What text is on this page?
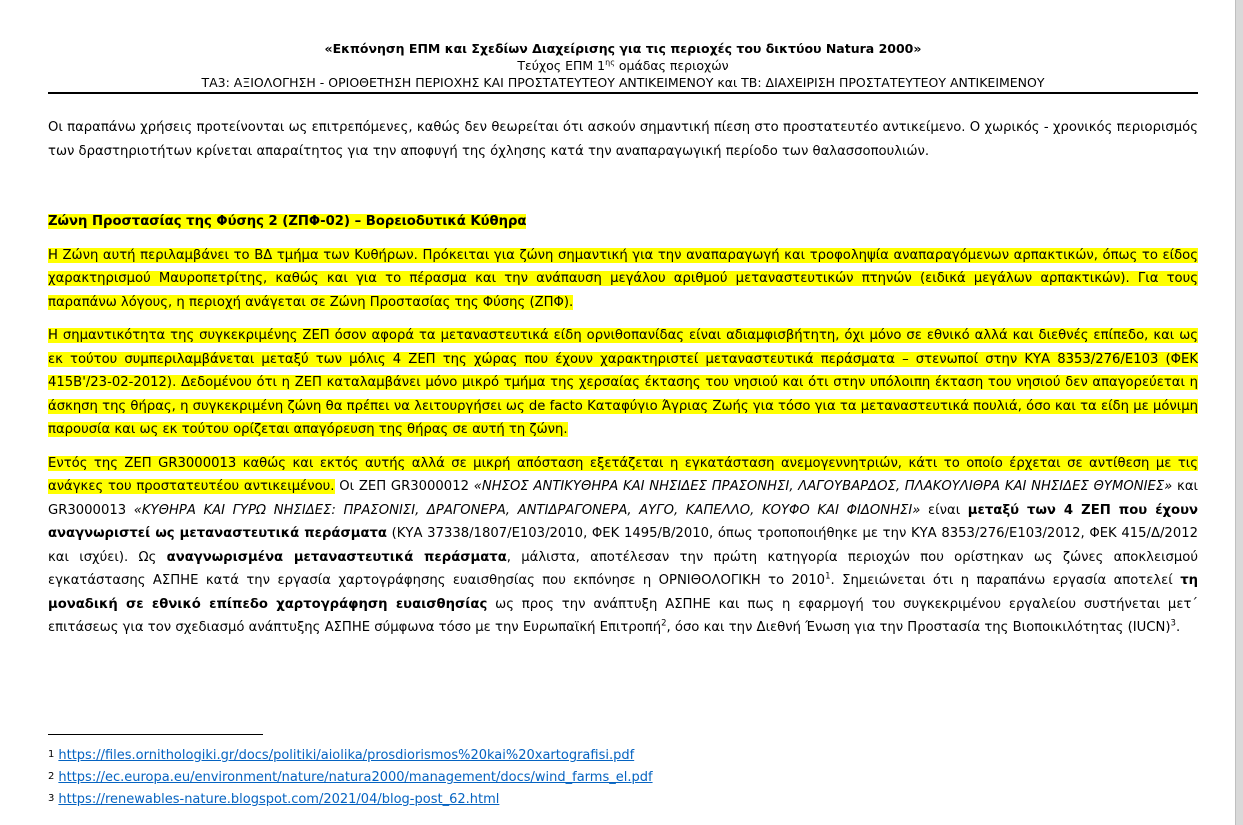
«Εκπόνηση ΕΠΜ και Σχεδίων Διαχείρισης για τις περιοχές του δικτύου Natura 2000»
Τεύχος ΕΠΜ $1^{\eta\varsigma}$ ομάδας περιοχών
ΤΑ3: ΑΞΙΟΛΟΓΗΣΗ - ΟΡΙΟΘΕΤΗΣΗ ΠΕΡΙΟΧΗΣ ΚΑΙ ΠΡΟΣΤΑΤΕΥΤΕΟΥ ΑΝΤΙΚΕΙΜΕΝΟΥ και ΤΒ: ΔΙΑΧΕΙΡΙΣΗ ΠΡΟΣΤΑΤΕΥΤΕΟΥ ΑΝΤΙΚΕΙΜΕΝΟΥ

Οι παραπάνω χρήσεις προτείνονται ως επιτρεπόμενες, καθώς δεν θεωρείται ότι ασκούν σημαντική πίεση στο προστατευτέο αντικείμενο. Ο χωρικός - χρονικός περιορισμός των δραστηριοτήτων κρίνεται απαραίτητος για την αποφυγή της όχλησης κατά την αναπαραγωγική περίοδο των θαλασσοπουλιών.

Ζώνη Προστασίας της Φύσης 2 (ΖΠΦ-02) – Βορειοδυτικά Κύθηρα

Η Ζώνη αυτή περιλαμβάνει το ΒΔ τμήμα των Κυθήρων. Πρόκειται για ζώνη σημαντική για την αναπαραγωγή και τροφοληψία αναπαραγόμενων αρπακτικών, όπως το είδος χαρακτηρισμού Μαυροπετρίτης, καθώς και για το πέρασμα και την ανάπαυση μεγάλου αριθμού μεταναστευτικών πτηνών (ειδικά μεγάλων αρπακτικών). Για τους παραπάνω λόγους, η περιοχή ανάγεται σε Ζώνη Προστασίας της Φύσης (ΖΠΦ).

Η σημαντικότητα της συγκεκριμένης ΖΕΠ όσον αφορά τα μεταναστευτικά είδη ορνιθοπανίδας είναι αδιαμφισβήτητη, όχι μόνο σε εθνικό αλλά και διεθνές επίπεδο, και ως εκ τούτου συμπεριλαμβάνεται μεταξύ των μόλις 4 ΖΕΠ της χώρας που έχουν χαρακτηριστεί μεταναστευτικά περάσματα – στενωποί στην ΚΥΑ 8353/276/Ε103 (ΦΕΚ 415Β'/23-02-2012). Δεδομένου ότι η ΖΕΠ καταλαμβάνει μόνο μικρό τμήμα της χερσαίας έκτασης του νησιού και ότι στην υπόλοιπη έκταση του νησιού δεν απαγορεύεται η άσκηση της θήρας, η συγκεκριμένη ζώνη θα πρέπει να λειτουργήσει ως de facto Καταφύγιο Άγριας Ζωής για τόσο για τα μεταναστευτικά πουλιά, όσο και τα είδη με μόνιμη παρουσία και ως εκ τούτου ορίζεται απαγόρευση της θήρας σε αυτή τη ζώνη.

Εντός της ΖΕΠ GR3000013 καθώς και εκτός αυτής αλλά σε μικρή απόσταση εξετάζεται η εγκατάσταση ανεμογεννητριών, κάτι το οποίο έρχεται σε αντίθεση με τις ανάγκες του προστατευτέου αντικειμένου. Οι ΖΕΠ GR3000012 «ΝΗΣΟΣ ΑΝΤΙΚΥΘΗΡΑ ΚΑΙ ΝΗΣΙΔΕΣ ΠΡΑΣΟΝΗΣΙ, ΛΑΓΟΥΒΑΡΔΟΣ, ΠΛΑΚΟΥΛΙΘΡΑ ΚΑΙ ΝΗΣΙΔΕΣ ΘΥΜΟΝΙΕΣ» και GR3000013 «ΚΥΘΗΡΑ ΚΑΙ ΓΥΡΩ ΝΗΣΙΔΕΣ: ΠΡΑΣΟΝΙΣΙ, ΔΡΑΓΟΝΕΡΑ, ΑΝΤΙΔΡΑΓΟΝΕΡΑ, ΑΥΓΟ, ΚΑΠΕΛΛΟ, ΚΟΥΦΟ ΚΑΙ ΦΙΔΟΝΗΣΙ» είναι μεταξύ των 4 ΖΕΠ που έχουν αναγνωριστεί ως μεταναστευτικά περάσματα (ΚΥΑ 37338/1807/Ε103/2010, ΦΕΚ 1495/Β/2010, όπως τροποποιήθηκε με την ΚΥΑ 8353/276/Ε103/2012, ΦΕΚ 415/Δ/2012 και ισχύει). Ως αναγνωρισμένα μεταναστευτικά περάσματα, μάλιστα, αποτέλεσαν την πρώτη κατηγορία περιοχών που ορίστηκαν ως ζώνες αποκλεισμού εγκατάστασης ΑΣΠΗΕ κατά την εργασία χαρτογράφησης ευαισθησίας που εκπόνησε η ΟΡΝΙΘΟΛΟΓΙΚΗ το 2010$^1$. Σημειώνεται ότι η παραπάνω εργασία αποτελεί τη μοναδική σε εθνικό επίπεδο χαρτογράφηση ευαισθησίας ως προς την ανάπτυξη ΑΣΠΗΕ και πως η εφαρμογή του συγκεκριμένου εργαλείου συστήνεται μετ΄ επιτάσεως για τον σχεδιασμό ανάπτυξης ΑΣΠΗΕ σύμφωνα τόσο με την Ευρωπαϊκή Επιτροπή$^2$, όσο και την Διεθνή Ένωση για την Προστασία της Βιοποικιλότητας (IUCN)$^3$.

1 https://files.ornithologiki.gr/docs/politiki/aiolika/prosdiorismos%20kai%20xartografisi.pdf
2 https://ec.europa.eu/environment/nature/natura2000/management/docs/wind_farms_el.pdf
3 https://renewables-nature.blogspot.com/2021/04/blog-post_62.html
